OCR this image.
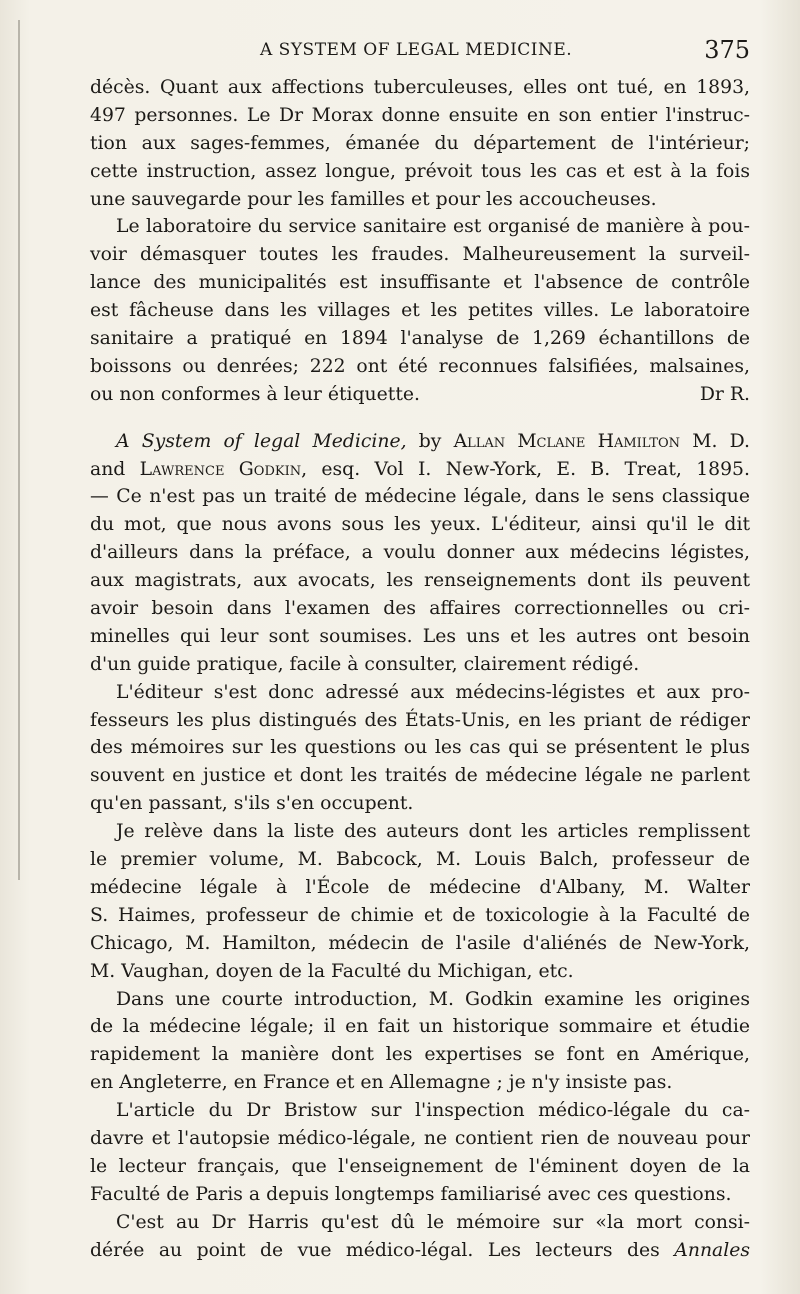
A SYSTEM OF LEGAL MEDICINE.	375
décès. Quant aux affections tuberculeuses, elles ont tué, en 1893,
497 personnes. Le Dr Morax donne ensuite en son entier l'instruc-
tion aux sages-femmes, émanée du département de l'intérieur;
cette instruction, assez longue, prévoit tous les cas et est à la fois
une sauvegarde pour les familles et pour les accoucheuses.
Le laboratoire du service sanitaire est organisé de manière à pou-
voir démasquer toutes les fraudes. Malheureusement la surveil-
lance des municipalités est insuffisante et l'absence de contrôle
est fâcheuse dans les villages et les petites villes. Le laboratoire
sanitaire a pratiqué en 1894 l'analyse de 1,269 échantillons de
boissons ou denrées; 222 ont été reconnues falsifiées, malsaines,
ou non conformes à leur étiquette.	Dr R.
A System of legal Medicine, by Allan Mclane Hamilton M. D.
and Lawrence Godkin, esq. Vol I. New-York, E. B. Treat, 1895.
— Ce n'est pas un traité de médecine légale, dans le sens classique
du mot, que nous avons sous les yeux. L'éditeur, ainsi qu'il le dit
d'ailleurs dans la préface, a voulu donner aux médecins légistes,
aux magistrats, aux avocats, les renseignements dont ils peuvent
avoir besoin dans l'examen des affaires correctionnelles ou cri-
minelles qui leur sont soumises. Les uns et les autres ont besoin
d'un guide pratique, facile à consulter, clairement rédigé.
L'éditeur s'est donc adressé aux médecins-légistes et aux pro-
fesseurs les plus distingués des États-Unis, en les priant de rédiger
des mémoires sur les questions ou les cas qui se présentent le plus
souvent en justice et dont les traités de médecine légale ne parlent
qu'en passant, s'ils s'en occupent.
Je relève dans la liste des auteurs dont les articles remplissent
le premier volume, M. Babcock, M. Louis Balch, professeur de
médecine légale à l'École de médecine d'Albany, M. Walter
S. Haimes, professeur de chimie et de toxicologie à la Faculté de
Chicago, M. Hamilton, médecin de l'asile d'aliénés de New-York,
M. Vaughan, doyen de la Faculté du Michigan, etc.
Dans une courte introduction, M. Godkin examine les origines
de la médecine légale; il en fait un historique sommaire et étudie
rapidement la manière dont les expertises se font en Amérique,
en Angleterre, en France et en Allemagne ; je n'y insiste pas.
L'article du Dr Bristow sur l'inspection médico-légale du ca-
davre et l'autopsie médico-légale, ne contient rien de nouveau pour
le lecteur français, que l'enseignement de l'éminent doyen de la
Faculté de Paris a depuis longtemps familiarisé avec ces questions.
C'est au Dr Harris qu'est dû le mémoire sur «la mort consi-
dérée au point de vue médico-légal. Les lecteurs des Annales
